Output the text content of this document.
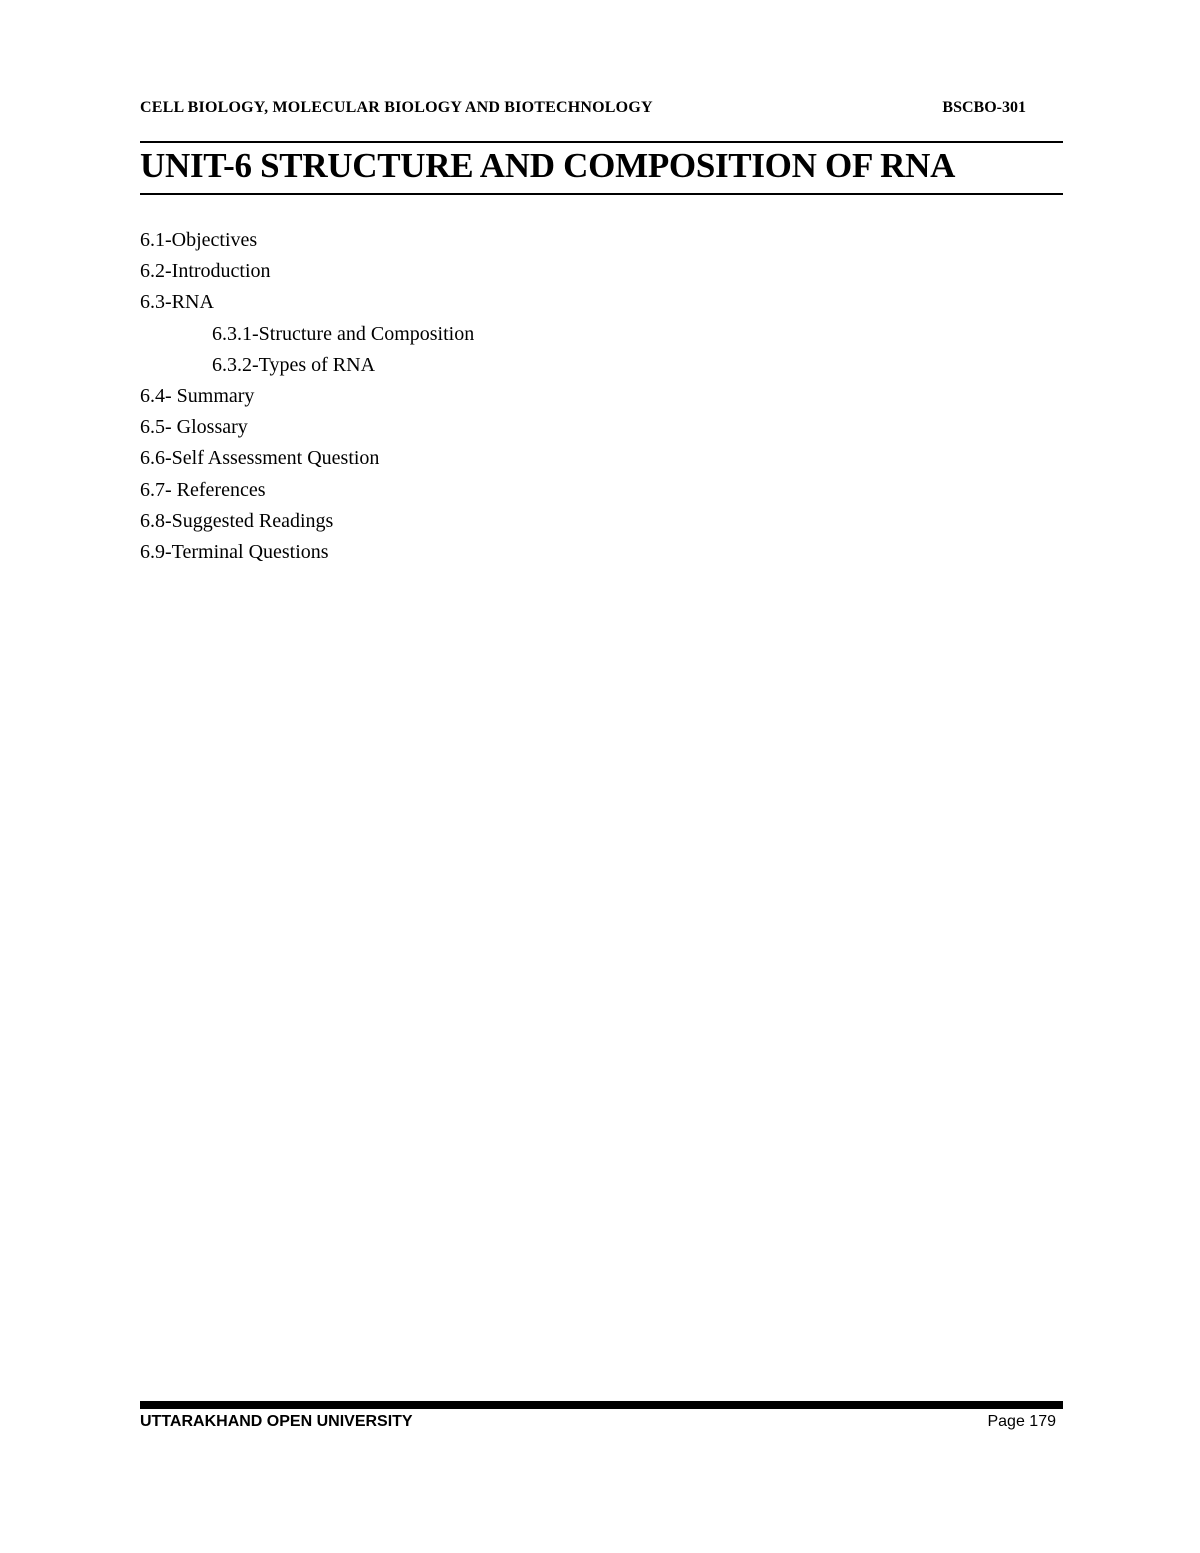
CELL BIOLOGY, MOLECULAR BIOLOGY AND BIOTECHNOLOGY	BSCBO-301
UNIT-6 STRUCTURE AND COMPOSITION OF RNA
6.1-Objectives
6.2-Introduction
6.3-RNA
6.3.1-Structure and Composition
6.3.2-Types of RNA
6.4- Summary
6.5- Glossary
6.6-Self Assessment Question
6.7- References
6.8-Suggested Readings
6.9-Terminal Questions
UTTARAKHAND OPEN UNIVERSITY	Page 179
